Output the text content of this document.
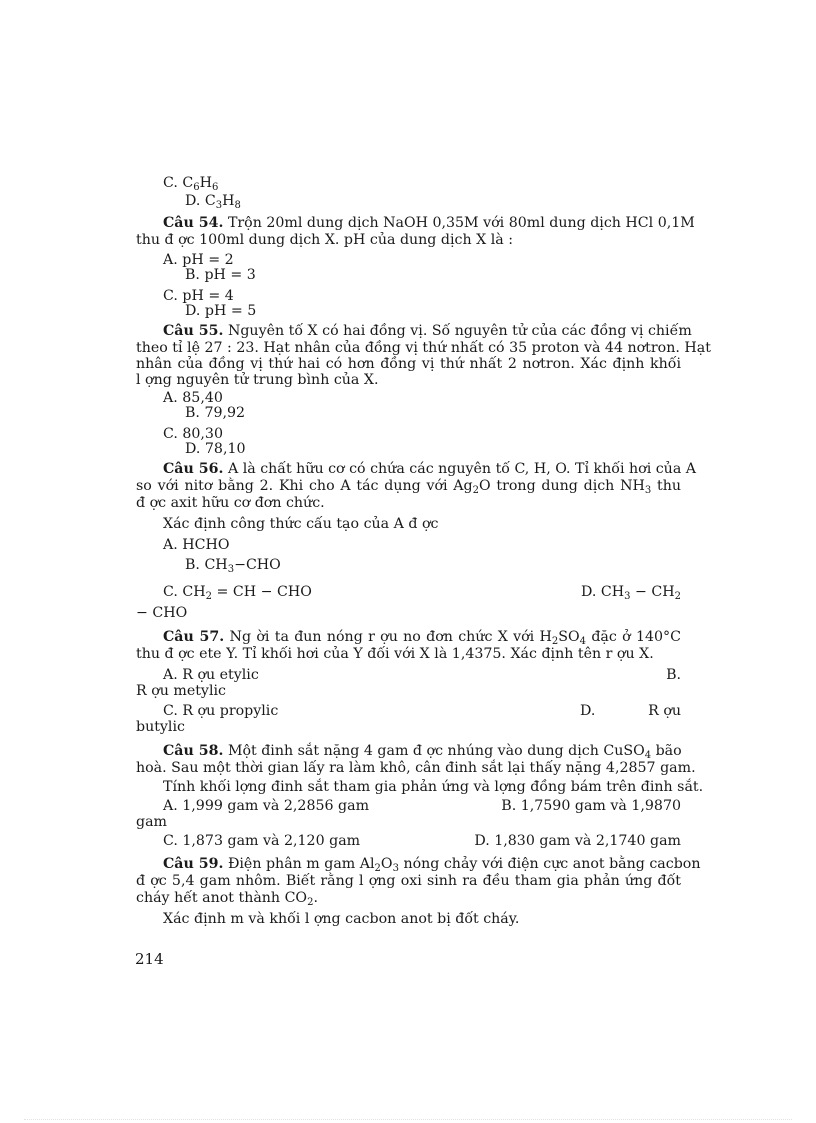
C. $C_6H_6$
D. $C_3H_8$
Câu 54. Trộn 20ml dung dịch NaOH 0,35M với 80ml dung dịch HCl 0,1M
thu đ ợc 100ml dung dịch X. pH của dung dịch X là :
A. pH = 2
B. pH = 3
C. pH = 4
D. pH = 5
Câu 55. Nguyên tố X có hai đồng vị. Số nguyên tử của các đồng vị chiếm
theo tỉ lệ 27 : 23. Hạt nhân của đồng vị thứ nhất có 35 proton và 44 nơtron. Hạt
nhân của đồng vị thứ hai có hơn đồng vị thứ nhất 2 nơtron. Xác định khối
l ợng nguyên tử trung bình của X.
A. 85,40
B. 79,92
C. 80,30
D. 78,10
Câu 56. A là chất hữu cơ có chứa các nguyên tố C, H, O. Tỉ khối hơi của A
so với nitơ bằng 2. Khi cho A tác dụng với $Ag_2O$ trong dung dịch $NH_3$ thu
đ ợc axit hữu cơ đơn chức.
Xác định công thức cấu tạo của A đ ợc
A. HCHO
B. $CH_3-CHO$
C. $CH_2$ = CH − CHO	D. $CH_3 - CH_2$
− CHO
Câu 57. Ng ời ta đun nóng r ợu no đơn chức X với $H_2SO_4$ đặc ở 140°C
thu đ ợc ete Y. Tỉ khối hơi của Y đối với X là 1,4375. Xác định tên r ợu X.
A. R ợu etylic	B.
R ợu metylic
C. R ợu propylic	D.	R ợu
butylic
Câu 58. Một đinh sắt nặng 4 gam đ ợc nhúng vào dung dịch CuSO$_4$ bão
hoà. Sau một thời gian lấy ra làm khô, cân đinh sắt lại thấy nặng 4,2857 gam.
Tính khối lợng đinh sắt tham gia phản ứng và lợng đồng bám trên đinh sắt.
A. 1,999 gam và 2,2856 gam	B. 1,7590 gam và 1,9870
gam
C. 1,873 gam và 2,120 gam	D. 1,830 gam và 2,1740 gam
Câu 59. Điện phân m gam $Al_2O_3$ nóng chảy với điện cực anot bằng cacbon
đ ợc 5,4 gam nhôm. Biết rằng l ợng oxi sinh ra đều tham gia phản ứng đốt
cháy hết anot thành $CO_2$.
Xác định m và khối l ợng cacbon anot bị đốt cháy.
214
